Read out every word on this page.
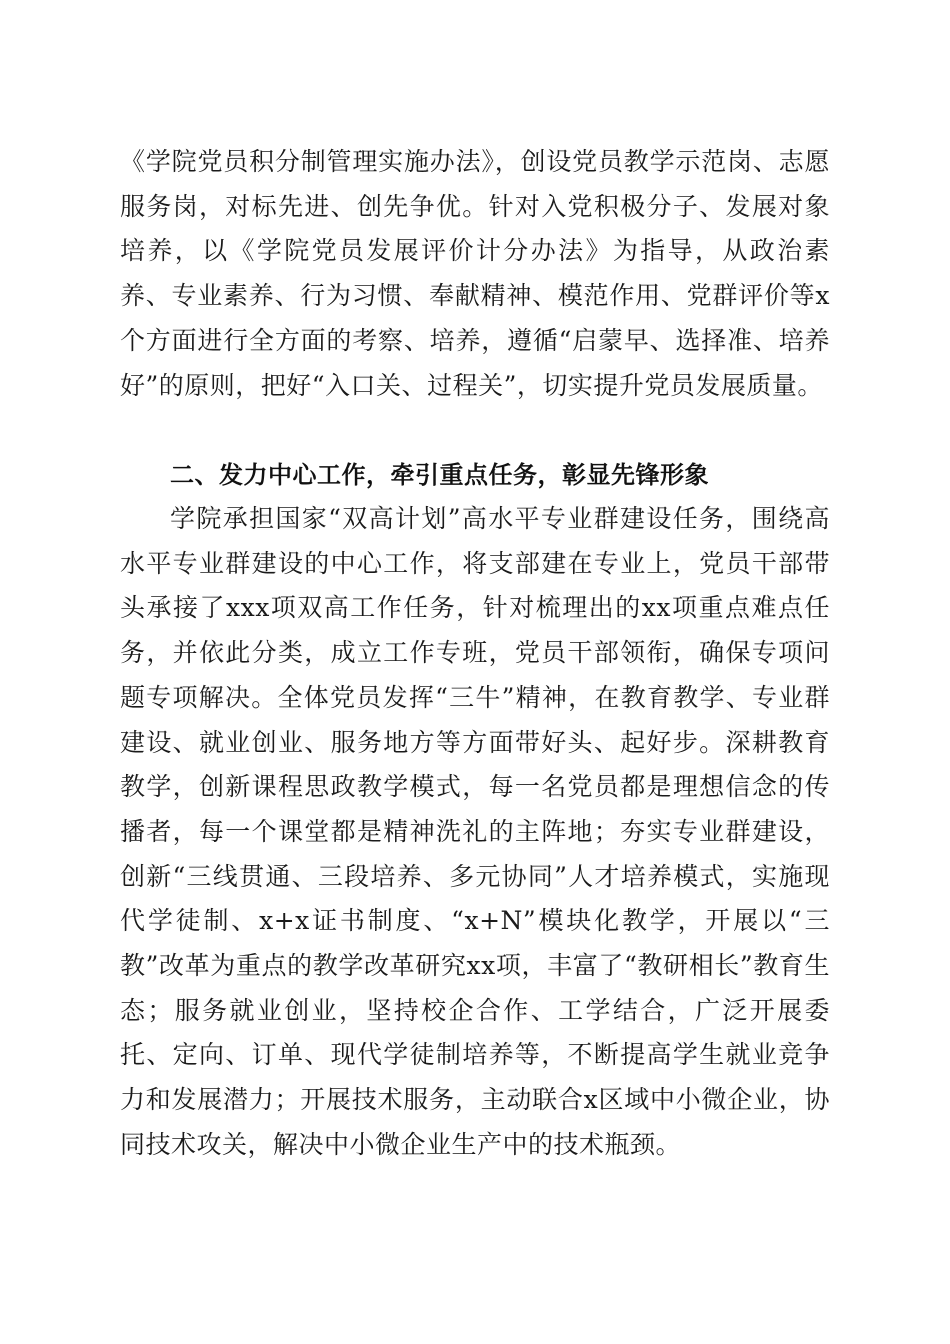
《学院党员积分制管理实施办法》，创设党员教学示范岗、志愿服务岗，对标先进、创先争优。针对入党积极分子、发展对象培养，以《学院党员发展评价计分办法》为指导，从政治素养、专业素养、行为习惯、奉献精神、模范作用、党群评价等x个方面进行全方面的考察、培养，遵循“启蒙早、选择准、培养好”的原则，把好“入口关、过程关”，切实提升党员发展质量。

二、发力中心工作，牵引重点任务，彰显先锋形象

学院承担国家“双高计划”高水平专业群建设任务，围绕高水平专业群建设的中心工作，将支部建在专业上，党员干部带头承接了xxx项双高工作任务，针对梳理出的xx项重点难点任务，并依此分类，成立工作专班，党员干部领衔，确保专项问题专项解决。全体党员发挥“三牛”精神，在教育教学、专业群建设、就业创业、服务地方等方面带好头、起好步。深耕教育教学，创新课程思政教学模式，每一名党员都是理想信念的传播者，每一个课堂都是精神洗礼的主阵地；夯实专业群建设，创新“三线贯通、三段培养、多元协同”人才培养模式，实施现代学徒制、x+x证书制度、“x+N”模块化教学，开展以“三教”改革为重点的教学改革研究xx项，丰富了“教研相长”教育生态；服务就业创业，坚持校企合作、工学结合，广泛开展委托、定向、订单、现代学徒制培养等，不断提高学生就业竞争力和发展潜力；开展技术服务，主动联合x区域中小微企业，协同技术攻关，解决中小微企业生产中的技术瓶颈。
